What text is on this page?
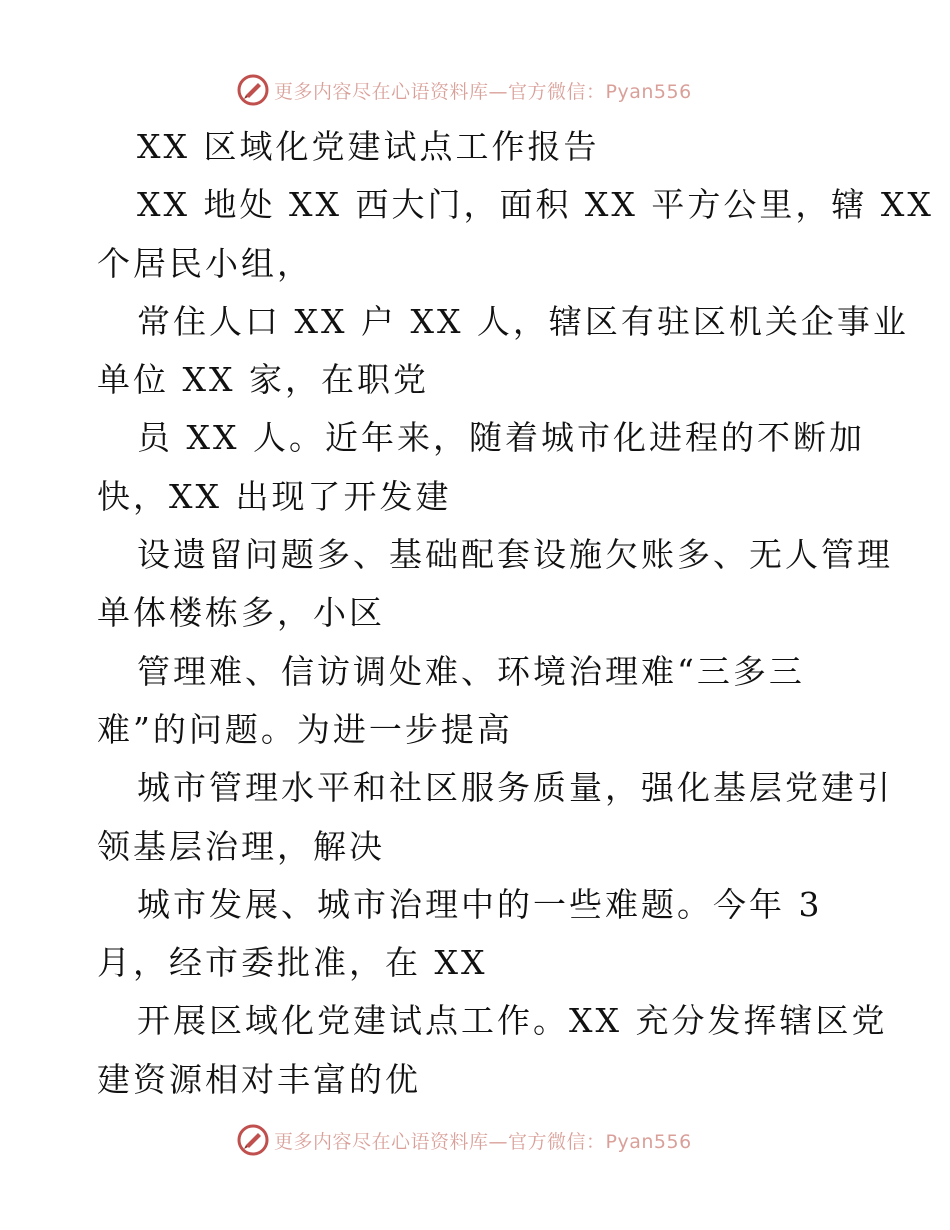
更多内容尽在心语资料库—官方微信：Pyan556
XX 区域化党建试点工作报告
XX 地处 XX 西大门，面积 XX 平方公里，辖 XX
个居民小组，
常住人口 XX 户 XX 人，辖区有驻区机关企事业
单位 XX 家，在职党
员 XX 人。近年来，随着城市化进程的不断加
快，XX 出现了开发建
设遗留问题多、基础配套设施欠账多、无人管理
单体楼栋多，小区
管理难、信访调处难、环境治理难“三多三
难”的问题。为进一步提高
城市管理水平和社区服务质量，强化基层党建引
领基层治理，解决
城市发展、城市治理中的一些难题。今年 3
月，经市委批准，在 XX
开展区域化党建试点工作。XX 充分发挥辖区党
建资源相对丰富的优
更多内容尽在心语资料库—官方微信：Pyan556
